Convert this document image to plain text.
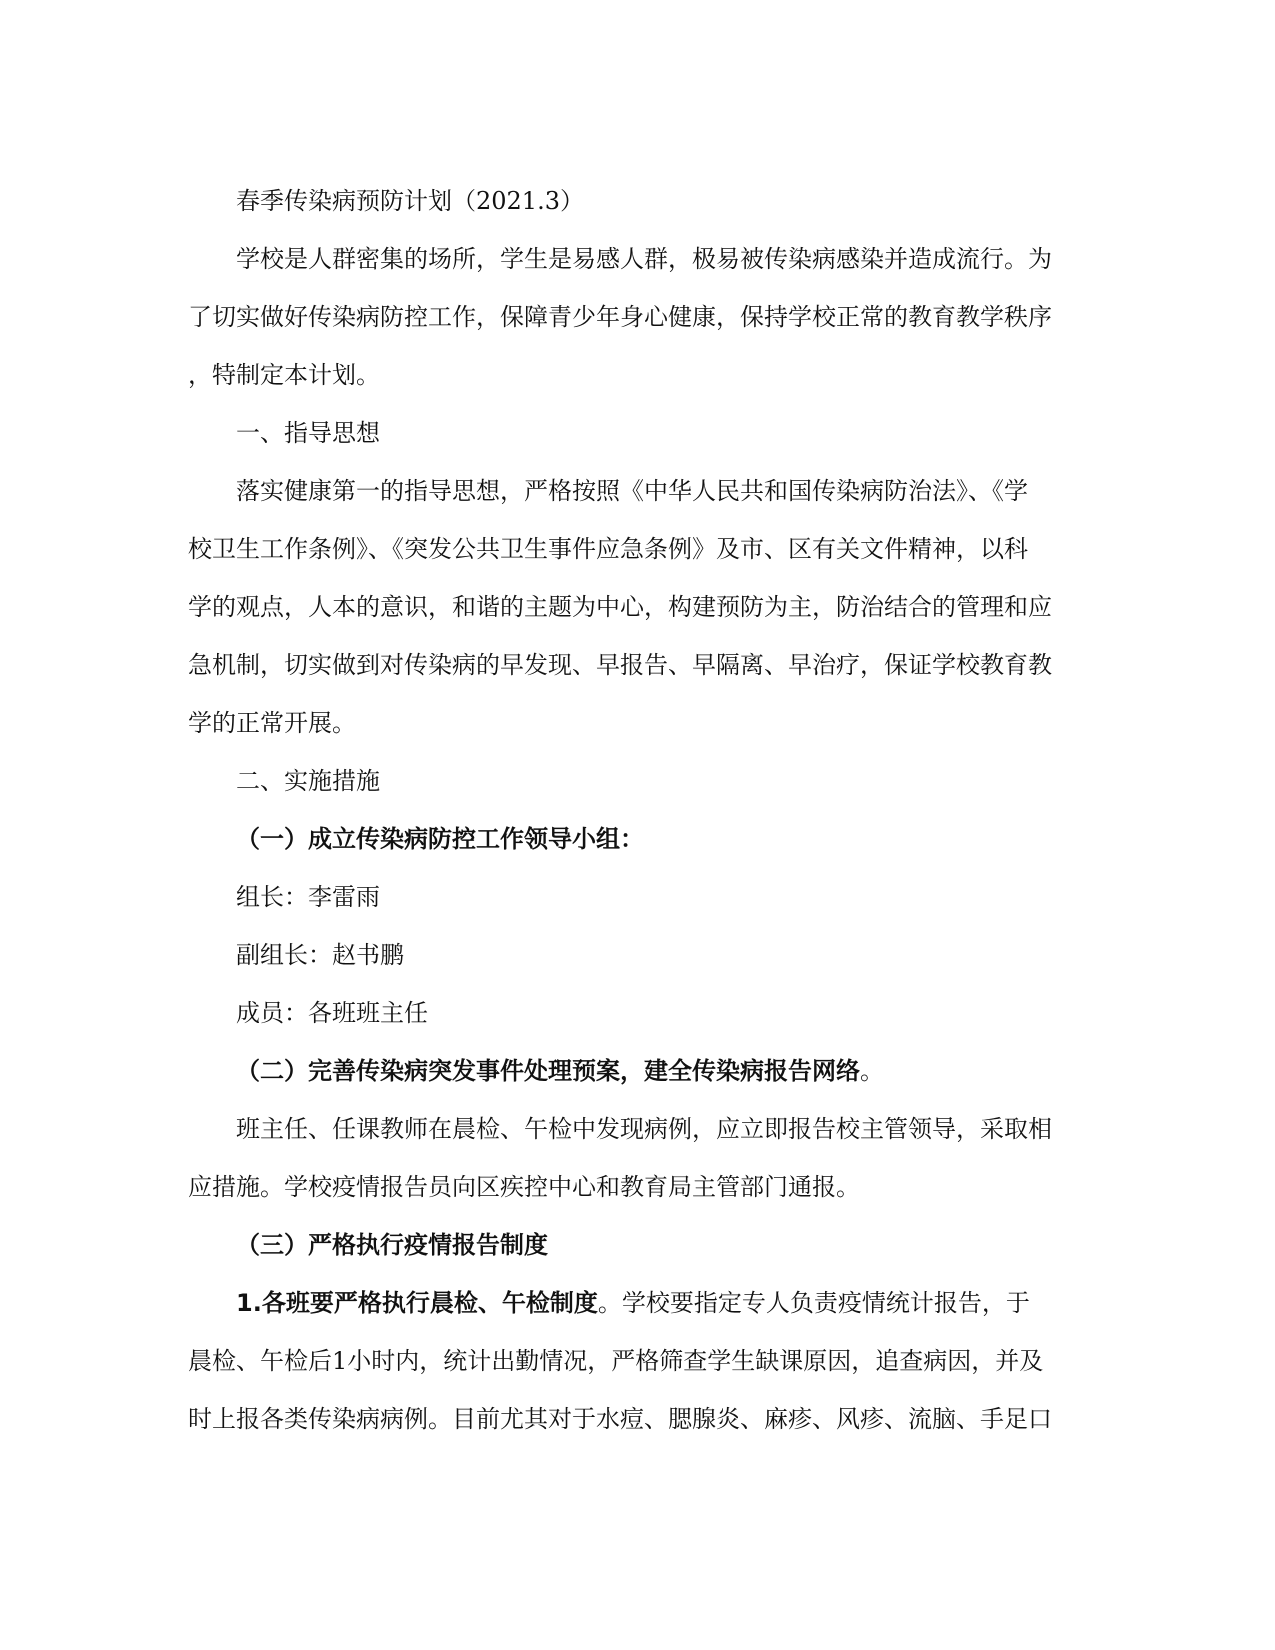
春季传染病预防计划（2021.3）

学校是人群密集的场所，学生是易感人群，极易被传染病感染并造成流行。为

了切实做好传染病防控工作，保障青少年身心健康，保持学校正常的教育教学秩序

，特制定本计划。

一、指导思想

落实健康第一的指导思想，严格按照《中华人民共和国传染病防治法》、《学

校卫生工作条例》、《突发公共卫生事件应急条例》及市、区有关文件精神，以科

学的观点，人本的意识，和谐的主题为中心，构建预防为主，防治结合的管理和应

急机制，切实做到对传染病的早发现、早报告、早隔离、早治疗，保证学校教育教

学的正常开展。

二、实施措施

（一）成立传染病防控工作领导小组：

组长：李雷雨

副组长：赵书鹏

成员：各班班主任

（二）完善传染病突发事件处理预案，建全传染病报告网络。

班主任、任课教师在晨检、午检中发现病例，应立即报告校主管领导，采取相

应措施。学校疫情报告员向区疾控中心和教育局主管部门通报。

（三）严格执行疫情报告制度

1.各班要严格执行晨检、午检制度。学校要指定专人负责疫情统计报告，于

晨检、午检后1小时内，统计出勤情况，严格筛查学生缺课原因，追查病因，并及

时上报各类传染病病例。目前尤其对于水痘、腮腺炎、麻疹、风疹、流脑、手足口
